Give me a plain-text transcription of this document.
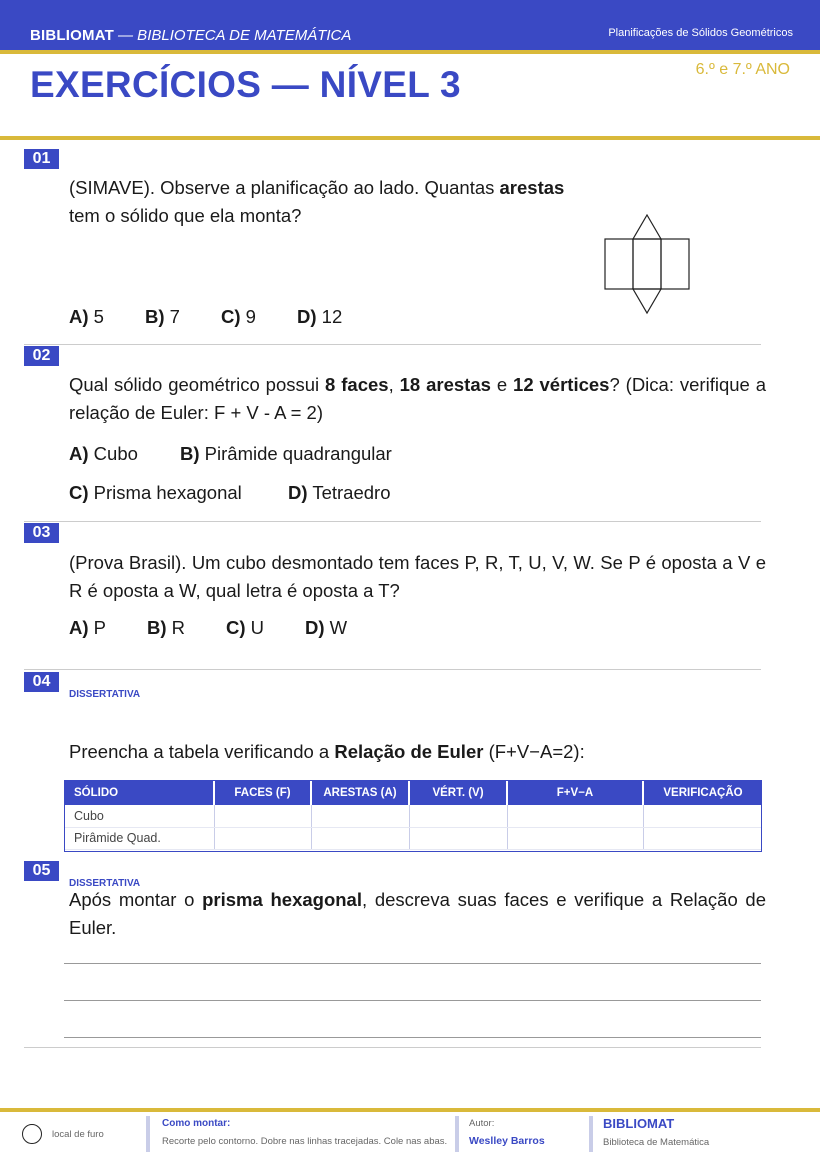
BIBLIOMAT — BIBLIOTECA DE MATEMÁTICA	Planificações de Sólidos Geométricos
EXERCÍCIOS — NÍVEL 3	6.º e 7.º ANO
01
(SIMAVE). Observe a planificação ao lado. Quantas arestas
tem o sólido que ela monta?
A) 5 B) 7 C) 9 D) 12
02
Qual sólido geométrico possui 8 faces, 18 arestas e 12 vértices? (Dica: verifique a relação de Euler: F + V - A = 2)
A) Cubo B) Pirâmide quadrangular
C) Prisma hexagonal D) Tetraedro
03
(Prova Brasil). Um cubo desmontado tem faces P, R, T, U, V, W. Se P é oposta a V e R é oposta a W, qual letra é oposta a T?
A) P B) R C) U D) W
04
DISSERTATIVA
Preencha a tabela verificando a Relação de Euler (F+V−A=2):
SÓLIDO	FACES (F)	ARESTAS (A)	VÉRT. (V)	F+V−A	VERIFICAÇÃO
Cubo					
Pirâmide Quad.					
05
DISSERTATIVA
Após montar o prisma hexagonal, descreva suas faces e verifique a Relação de Euler.
local de furo
Como montar:
Recorte pelo contorno. Dobre nas linhas tracejadas. Cole nas abas.
Autor:
Weslley Barros
BIBLIOMAT
Biblioteca de Matemática
